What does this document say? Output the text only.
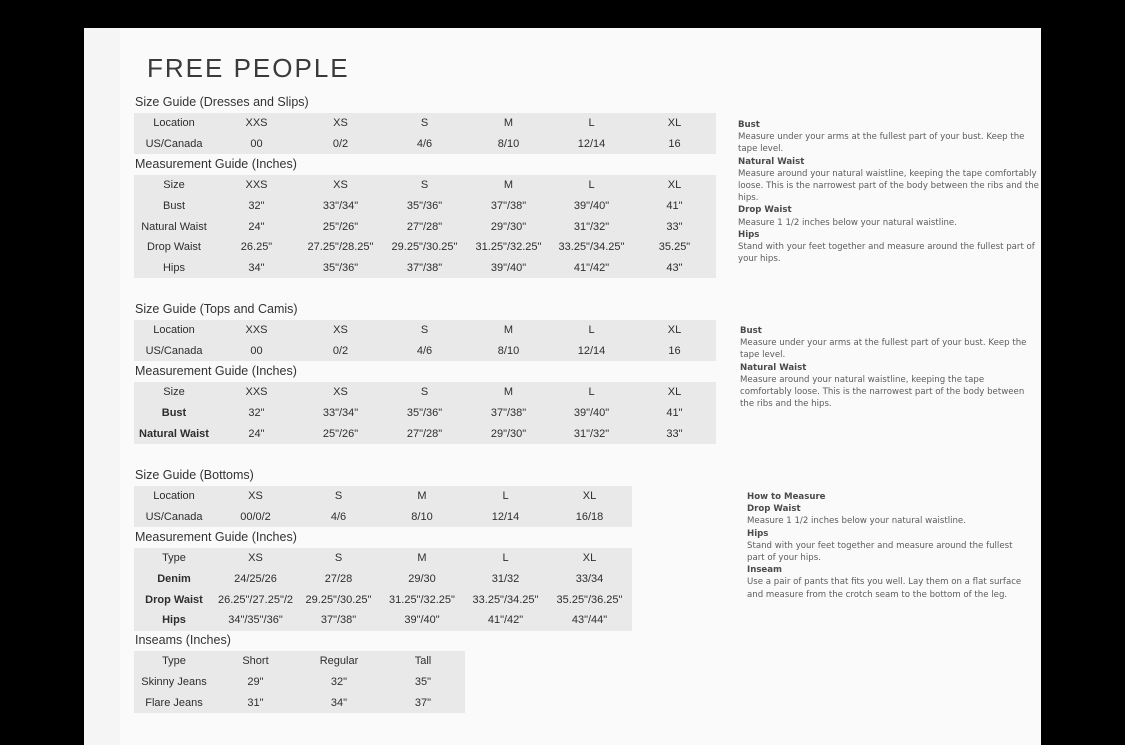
FREE PEOPLE
Size Guide (Dresses and Slips)
Location	XXS	XS	S	M	L	XL
US/Canada	00	0/2	4/6	8/10	12/14	16
Measurement Guide (Inches)
Size	XXS	XS	S	M	L	XL
Bust	32"	33"/34"	35"/36"	37"/38"	39"/40"	41"
Natural Waist	24"	25"/26"	27"/28"	29"/30"	31"/32"	33"
Drop Waist	26.25"	27.25"/28.25"	29.25"/30.25"	31.25"/32.25"	33.25"/34.25"	35.25"
Hips	34"	35"/36"	37"/38"	39"/40"	41"/42"	43"
Bust
Measure under your arms at the fullest part of your bust. Keep the tape level.
Natural Waist
Measure around your natural waistline, keeping the tape comfortably loose. This is the narrowest part of the body between the ribs and the hips.
Drop Waist
Measure 1 1/2 inches below your natural waistline.
Hips
Stand with your feet together and measure around the fullest part of your hips.
Size Guide (Tops and Camis)
Location	XXS	XS	S	M	L	XL
US/Canada	00	0/2	4/6	8/10	12/14	16
Measurement Guide (Inches)
Size	XXS	XS	S	M	L	XL
Bust	32"	33"/34"	35"/36"	37"/38"	39"/40"	41"
Natural Waist	24"	25"/26"	27"/28"	29"/30"	31"/32"	33"
Bust
Measure under your arms at the fullest part of your bust. Keep the tape level.
Natural Waist
Measure around your natural waistline, keeping the tape comfortably loose. This is the narrowest part of the body between the ribs and the hips.
Size Guide (Bottoms)
Location	XS	S	M	L	XL
US/Canada	00/0/2	4/6	8/10	12/14	16/18
Measurement Guide (Inches)
Type	XS	S	M	L	XL
Denim	24/25/26	27/28	29/30	31/32	33/34
Drop Waist	26.25"/27.25"/2	29.25"/30.25"	31.25"/32.25"	33.25"/34.25"	35.25"/36.25"
Hips	34"/35"/36"	37"/38"	39"/40"	41"/42"	43"/44"
Inseams (Inches)
Type	Short	Regular	Tall
Skinny Jeans	29"	32"	35"
Flare Jeans	31"	34"	37"
How to Measure
Drop Waist
Measure 1 1/2 inches below your natural waistline.
Hips
Stand with your feet together and measure around the fullest part of your hips.
Inseam
Use a pair of pants that fits you well. Lay them on a flat surface and measure from the crotch seam to the bottom of the leg.
